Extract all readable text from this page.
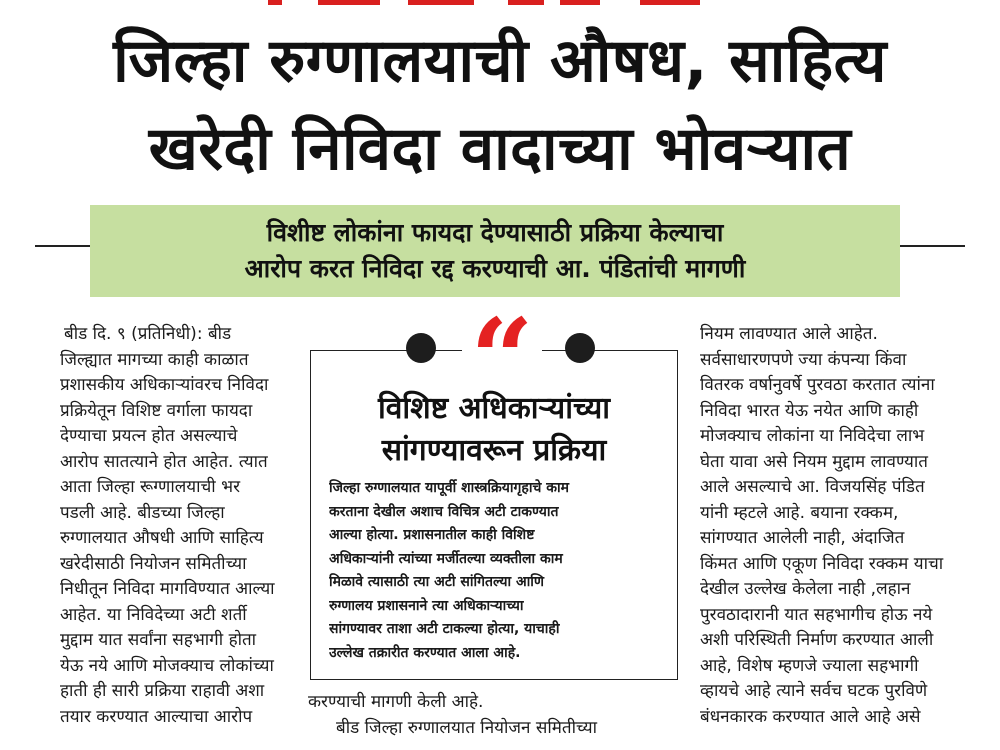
जिल्हा रुग्णालयाची औषध, साहित्य
खरेदी निविदा वादाच्या भोवऱ्यात
विशीष्ट लोकांना फायदा देण्यासाठी प्रक्रिया केल्याचा
आरोप करत निविदा रद्द करण्याची आ. पंडितांची मागणी
बीड दि. ९ (प्रतिनिधी): बीड
जिल्ह्यात मागच्या काही काळात
प्रशासकीय अधिकाऱ्यांवरच निविदा
प्रक्रियेतून विशिष्ट वर्गाला फायदा
देण्याचा प्रयत्न होत असल्याचे
आरोप सातत्याने होत आहेत. त्यात
आता जिल्हा रूग्णालयाची भर
पडली आहे. बीडच्या जिल्हा
रुग्णालयात औषधी आणि साहित्य
खरेदीसाठी नियोजन समितीच्या
निधीतून निविदा मागविण्यात आल्या
आहेत. या निविदेच्या अटी शर्ती
मुद्दाम यात सर्वांना सहभागी होता
येऊ नये आणि मोजक्याच लोकांच्या
हाती ही सारी प्रक्रिया राहावी अशा
तयार करण्यात आल्याचा आरोप
विशिष्ट अधिकाऱ्यांच्या
सांगण्यावरून प्रक्रिया
जिल्हा रुग्णालयात यापूर्वी शास्त्रक्रियागृहाचे काम
करताना देखील अशाच विचित्र अटी टाकण्यात
आल्या होत्या. प्रशासनातील काही विशिष्ट
अधिकाऱ्यांनी त्यांच्या मर्जीतल्या व्यक्तीला काम
मिळावे त्यासाठी त्या अटी सांगितल्या आणि
रुग्णालय प्रशासनाने त्या अधिकाऱ्याच्या
सांगण्यावर ताशा अटी टाकल्या होत्या, याचाही
उल्लेख तक्रारीत करण्यात आला आहे.
“
करण्याची मागणी केली आहे.
बीड जिल्हा रुग्णालयात नियोजन समितीच्या
नियम लावण्यात आले आहेत.
सर्वसाधारणपणे ज्या कंपन्या किंवा
वितरक वर्षानुवर्षे पुरवठा करतात त्यांना
निविदा भारत येऊ नयेत आणि काही
मोजक्याच लोकांना या निविदेचा लाभ
घेता यावा असे नियम मुद्दाम लावण्यात
आले असल्याचे आ. विजयसिंह पंडित
यांनी म्हटले आहे. बयाना रक्कम,
सांगण्यात आलेली नाही, अंदाजित
किंमत आणि एकूण निविदा रक्कम याचा
देखील उल्लेख केलेला नाही ,लहान
पुरवठादारानी यात सहभागीच होऊ नये
अशी परिस्थिती निर्माण करण्यात आली
आहे, विशेष म्हणजे ज्याला सहभागी
व्हायचे आहे त्याने सर्वच घटक पुरविणे
बंधनकारक करण्यात आले आहे असे
